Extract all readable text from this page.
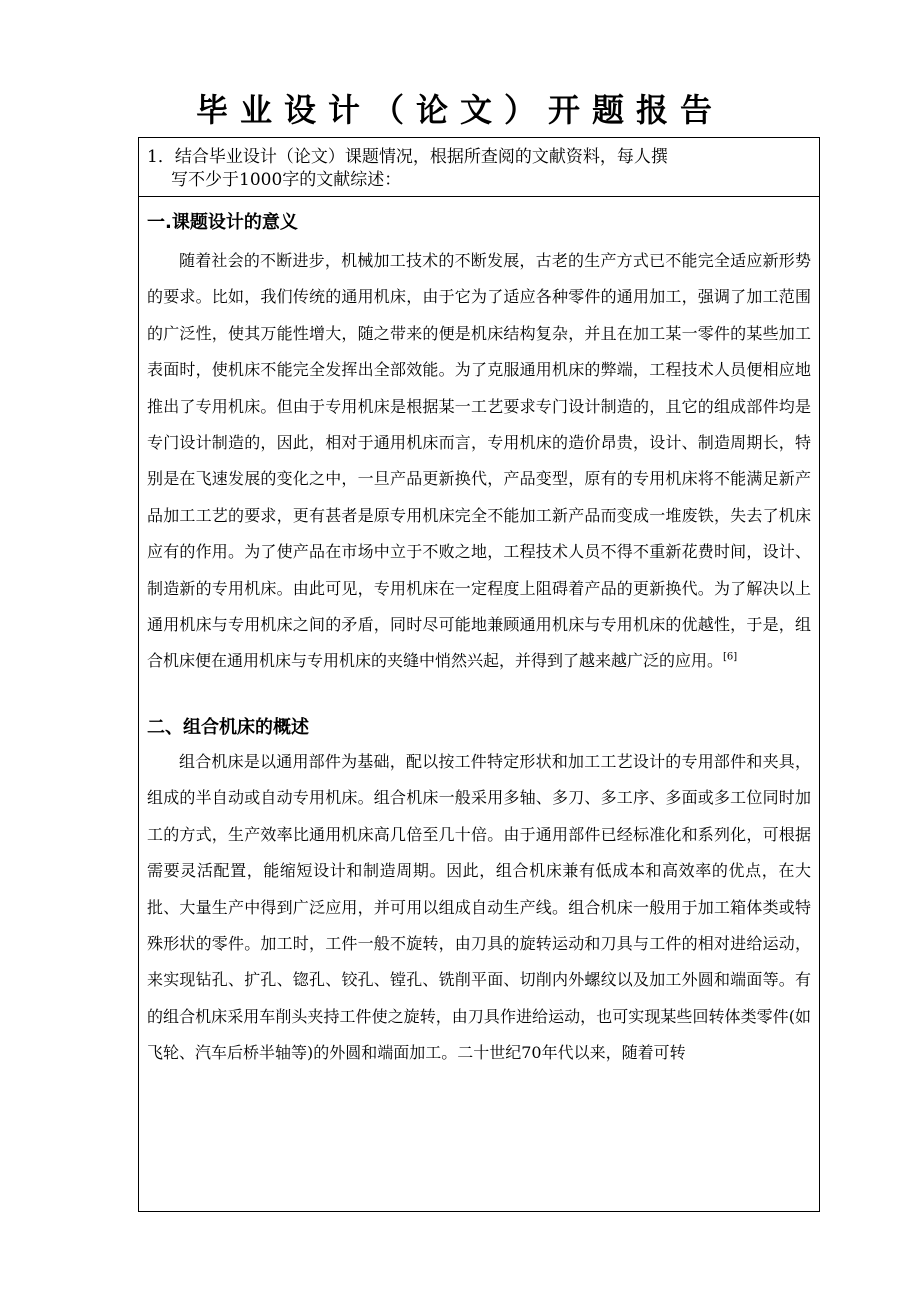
毕业设计（论文）开题报告
1．结合毕业设计（论文）课题情况，根据所查阅的文献资料，每人撰
写不少于1000字的文献综述：
一.课题设计的意义

随着社会的不断进步，机械加工技术的不断发展，古老的生产方式已不能完全适应新形势的要求。比如，我们传统的通用机床，由于它为了适应各种零件的通用加工，强调了加工范围的广泛性，使其万能性增大，随之带来的便是机床结构复杂，并且在加工某一零件的某些加工表面时，使机床不能完全发挥出全部效能。为了克服通用机床的弊端，工程技术人员便相应地推出了专用机床。但由于专用机床是根据某一工艺要求专门设计制造的，且它的组成部件均是专门设计制造的，因此，相对于通用机床而言，专用机床的造价昂贵，设计、制造周期长，特别是在飞速发展的变化之中，一旦产品更新换代，产品变型，原有的专用机床将不能满足新产品加工工艺的要求，更有甚者是原专用机床完全不能加工新产品而变成一堆废铁，失去了机床应有的作用。为了使产品在市场中立于不败之地，工程技术人员不得不重新花费时间，设计、制造新的专用机床。由此可见，专用机床在一定程度上阻碍着产品的更新换代。为了解决以上通用机床与专用机床之间的矛盾，同时尽可能地兼顾通用机床与专用机床的优越性，于是，组合机床便在通用机床与专用机床的夹缝中悄然兴起，并得到了越来越广泛的应用。[6]

二、组合机床的概述

组合机床是以通用部件为基础，配以按工件特定形状和加工工艺设计的专用部件和夹具，组成的半自动或自动专用机床。组合机床一般采用多轴、多刀、多工序、多面或多工位同时加工的方式，生产效率比通用机床高几倍至几十倍。由于通用部件已经标准化和系列化，可根据需要灵活配置，能缩短设计和制造周期。因此，组合机床兼有低成本和高效率的优点，在大批、大量生产中得到广泛应用，并可用以组成自动生产线。组合机床一般用于加工箱体类或特殊形状的零件。加工时，工件一般不旋转，由刀具的旋转运动和刀具与工件的相对进给运动，来实现钻孔、扩孔、锪孔、铰孔、镗孔、铣削平面、切削内外螺纹以及加工外圆和端面等。有的组合机床采用车削头夹持工件使之旋转，由刀具作进给运动，也可实现某些回转体类零件(如飞轮、汽车后桥半轴等)的外圆和端面加工。二十世纪70年代以来，随着可转
